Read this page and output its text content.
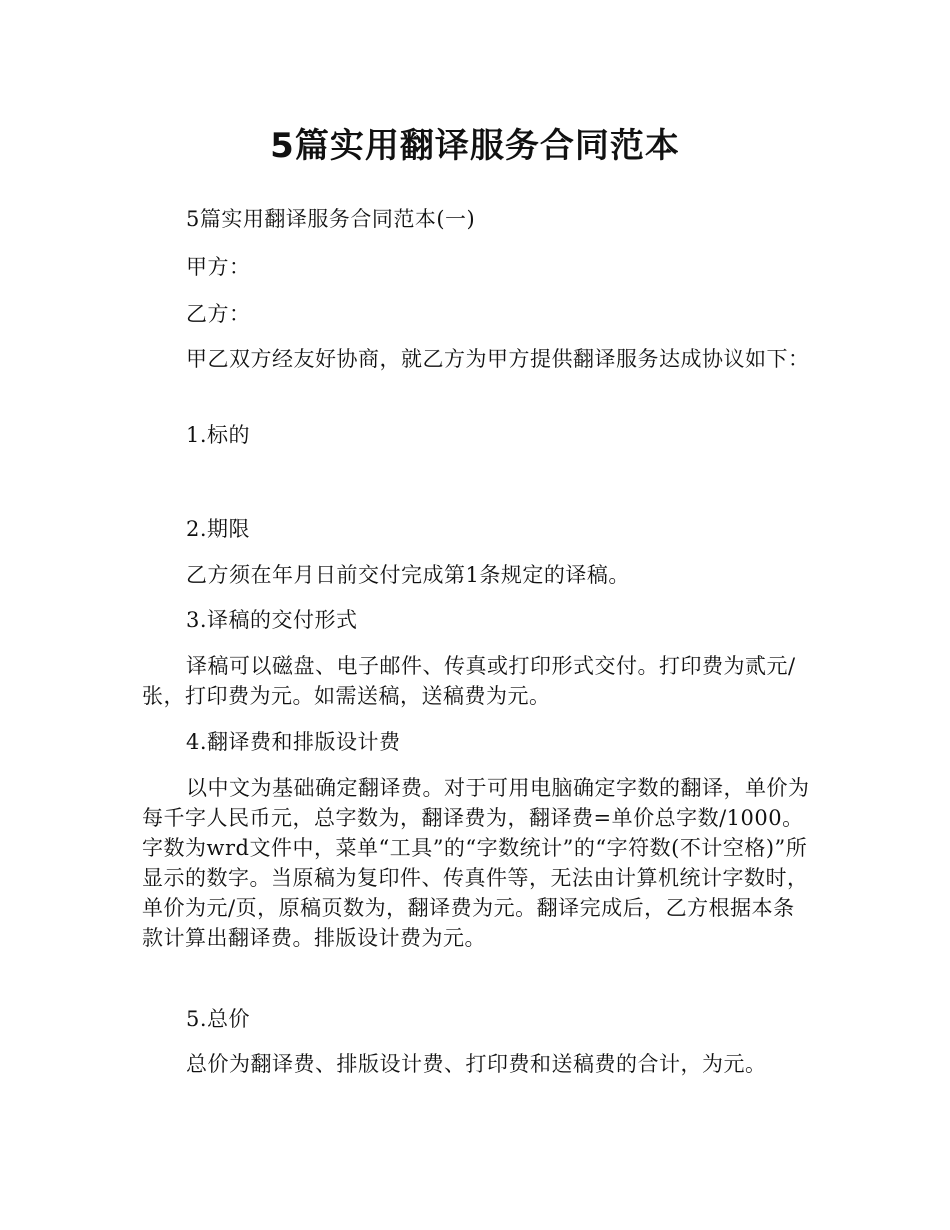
5篇实用翻译服务合同范本

5篇实用翻译服务合同范本(一)

甲方：

乙方：

甲乙双方经友好协商，就乙方为甲方提供翻译服务达成协议如下：

1.标的

2.期限

乙方须在年月日前交付完成第1条规定的译稿。

3.译稿的交付形式

译稿可以磁盘、电子邮件、传真或打印形式交付。打印费为贰元/张，打印费为元。如需送稿，送稿费为元。

4.翻译费和排版设计费

以中文为基础确定翻译费。对于可用电脑确定字数的翻译，单价为每千字人民币元，总字数为，翻译费为，翻译费=单价总字数/1000。字数为wrd文件中，菜单“工具”的“字数统计”的“字符数(不计空格)”所显示的数字。当原稿为复印件、传真件等，无法由计算机统计字数时，单价为元/页，原稿页数为，翻译费为元。翻译完成后，乙方根据本条款计算出翻译费。排版设计费为元。

5.总价

总价为翻译费、排版设计费、打印费和送稿费的合计，为元。
